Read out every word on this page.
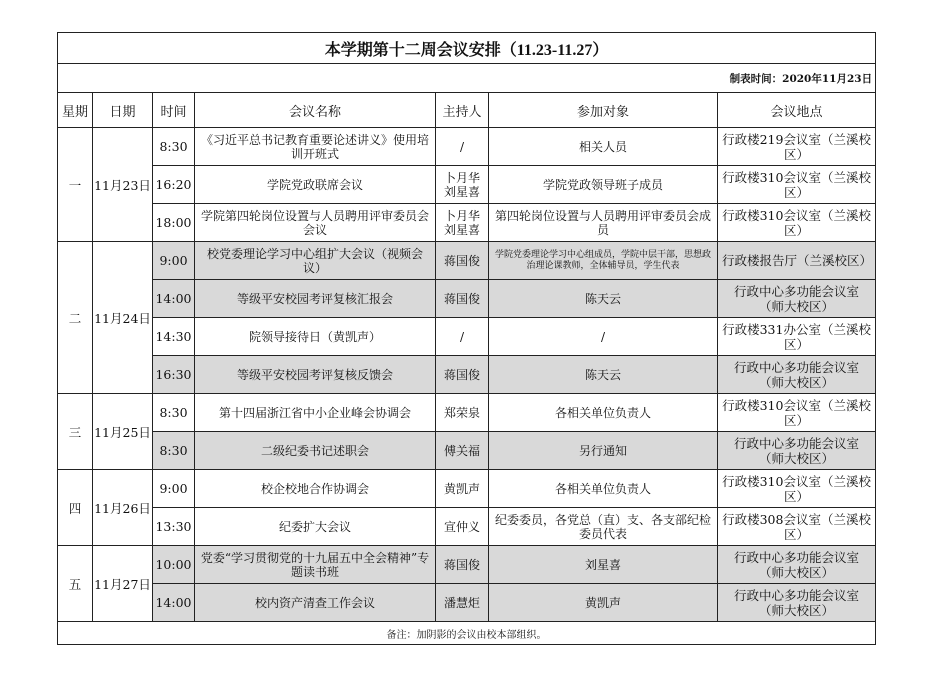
本学期第十二周会议安排（11.23-11.27）						
制表时间：2020年11月23日						
星期	日期	时间	会议名称	主持人	参加对象	会议地点
一	11月23日	8:30	《习近平总书记教育重要论述讲义》使用培训开班式	/	相关人员	行政楼219会议室（兰溪校区）
		16:20	学院党政联席会议	卜月华 刘星喜	学院党政领导班子成员	行政楼310会议室（兰溪校区）
		18:00	学院第四轮岗位设置与人员聘用评审委员会会议	卜月华 刘星喜	第四轮岗位设置与人员聘用评审委员会成员	行政楼310会议室（兰溪校区）
二	11月24日	9:00	校党委理论学习中心组扩大会议（视频会议）	蒋国俊	学院党委理论学习中心组成员，学院中层干部，思想政治理论课教师，全体辅导员，学生代表	行政楼报告厅（兰溪校区）
		14:00	等级平安校园考评复核汇报会	蒋国俊	陈天云	行政中心多功能会议室（师大校区）
		14:30	院领导接待日（黄凯声）	/	/	行政楼331办公室（兰溪校区）
		16:30	等级平安校园考评复核反馈会	蒋国俊	陈天云	行政中心多功能会议室（师大校区）
三	11月25日	8:30	第十四届浙江省中小企业峰会协调会	郑荣泉	各相关单位负责人	行政楼310会议室（兰溪校区）
		8:30	二级纪委书记述职会	傅关福	另行通知	行政中心多功能会议室（师大校区）
四	11月26日	9:00	校企校地合作协调会	黄凯声	各相关单位负责人	行政楼310会议室（兰溪校区）
		13:30	纪委扩大会议	宣仲义	纪委委员，各党总（直）支、各支部纪检委员代表	行政楼308会议室（兰溪校区）
五	11月27日	10:00	党委“学习贯彻党的十九届五中全会精神”专题读书班	蒋国俊	刘星喜	行政中心多功能会议室（师大校区）
		14:00	校内资产清查工作会议	潘慧炬	黄凯声	行政中心多功能会议室（师大校区）
备注：加阴影的会议由校本部组织。						
